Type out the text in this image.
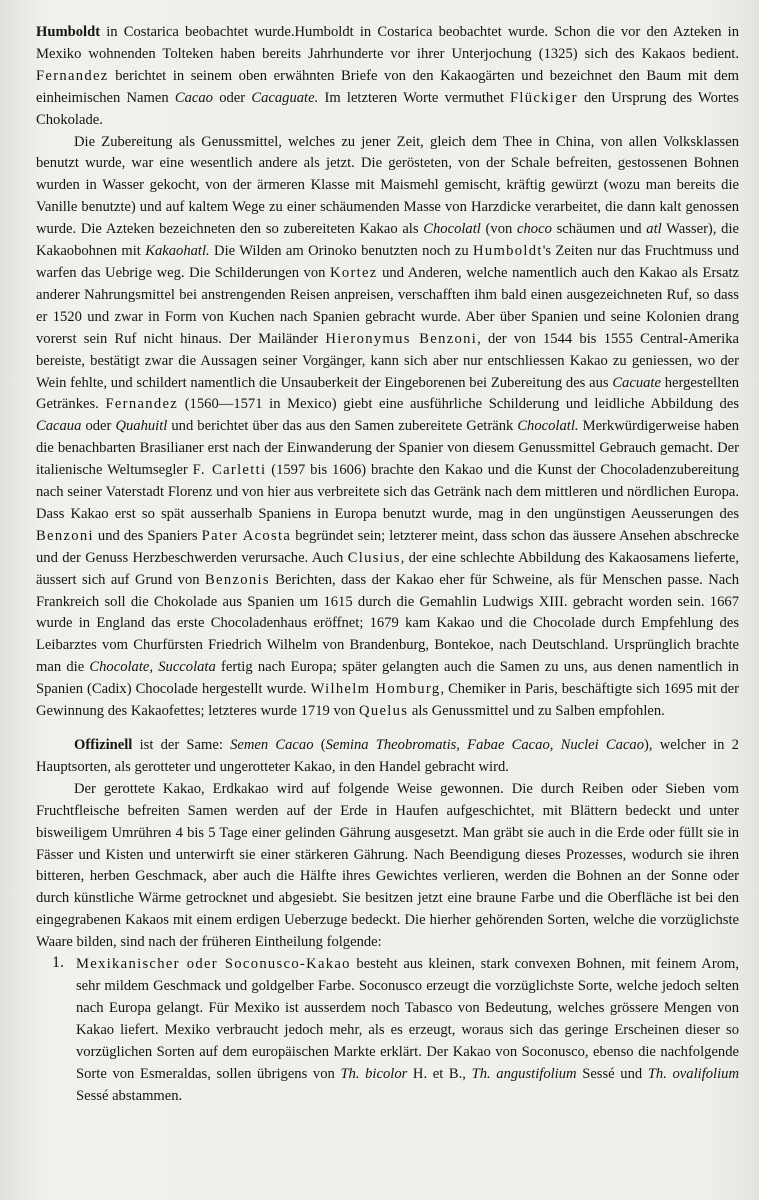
Humboldt in Costarica beobachtet wurde.Humboldt in Costarica beobachtet wurde. Schon die vor den Azteken in Mexiko wohnenden Tolteken haben bereits Jahrhunderte vor ihrer Unterjochung (1325) sich des Kakaos bedient. Fernandez berichtet in seinem oben erwähnten Briefe von den Kakaogärten und bezeichnet den Baum mit dem einheimischen Namen Cacao oder Cacaguate. Im letzteren Worte vermuthet Flückiger den Ursprung des Wortes Chokolade.

Die Zubereitung als Genussmittel, welches zu jener Zeit, gleich dem Thee in China, von allen Volksklassen benutzt wurde, war eine wesentlich andere als jetzt. Die gerösteten, von der Schale befreiten, gestossenen Bohnen wurden in Wasser gekocht, von der ärmeren Klasse mit Maismehl gemischt, kräftig gewürzt (wozu man bereits die Vanille benutzte) und auf kaltem Wege zu einer schäumenden Masse von Harzdicke verarbeitet, die dann kalt genossen wurde. Die Azteken bezeichneten den so zubereiteten Kakao als Chocolatl (von choco schäumen und atl Wasser), die Kakaobohnen mit Kakaohatl. Die Wilden am Orinoko benutzten noch zu Humboldt's Zeiten nur das Fruchtmuss und warfen das Uebrige weg. Die Schilderungen von Kortez und Anderen, welche namentlich auch den Kakao als Ersatz anderer Nahrungsmittel bei anstrengenden Reisen anpreisen, verschafften ihm bald einen ausgezeichneten Ruf, so dass er 1520 und zwar in Form von Kuchen nach Spanien gebracht wurde. Aber über Spanien und seine Kolonien drang vorerst sein Ruf nicht hinaus. Der Mailänder Hieronymus Benzoni, der von 1544 bis 1555 Central-Amerika bereiste, bestätigt zwar die Aussagen seiner Vorgänger, kann sich aber nur entschliessen Kakao zu geniessen, wo der Wein fehlte, und schildert namentlich die Unsauberkeit der Eingeborenen bei Zubereitung des aus Cacuate hergestellten Getränkes. Fernandez (1560—1571 in Mexico) giebt eine ausführliche Schilderung und leidliche Abbildung des Cacaua oder Quahuitl und berichtet über das aus den Samen zubereitete Getränk Chocolatl. Merkwürdigerweise haben die benachbarten Brasilianer erst nach der Einwanderung der Spanier von diesem Genussmittel Gebrauch gemacht. Der italienische Weltumsegler F. Carletti (1597 bis 1606) brachte den Kakao und die Kunst der Chocoladenzubereitung nach seiner Vaterstadt Florenz und von hier aus verbreitete sich das Getränk nach dem mittleren und nördlichen Europa. Dass Kakao erst so spät ausserhalb Spaniens in Europa benutzt wurde, mag in den ungünstigen Aeusserungen des Benzoni und des Spaniers Pater Acosta begründet sein; letzterer meint, dass schon das äussere Ansehen abschrecke und der Genuss Herzbeschwerden verursache. Auch Clusius, der eine schlechte Abbildung des Kakaosamens lieferte, äussert sich auf Grund von Benzonis Berichten, dass der Kakao eher für Schweine, als für Menschen passe. Nach Frankreich soll die Chokolade aus Spanien um 1615 durch die Gemahlin Ludwigs XIII. gebracht worden sein. 1667 wurde in England das erste Chocoladenhaus eröffnet; 1679 kam Kakao und die Chocolade durch Empfehlung des Leibarztes vom Churfürsten Friedrich Wilhelm von Brandenburg, Bontekoe, nach Deutschland. Ursprünglich brachte man die Chocolate, Succolata fertig nach Europa; später gelangten auch die Samen zu uns, aus denen namentlich in Spanien (Cadix) Chocolade hergestellt wurde. Wilhelm Homburg, Chemiker in Paris, beschäftigte sich 1695 mit der Gewinnung des Kakaofettes; letzteres wurde 1719 von Quelus als Genussmittel und zu Salben empfohlen.

Offizinell ist der Same: Semen Cacao (Semina Theobromatis, Fabae Cacao, Nuclei Cacao), welcher in 2 Hauptsorten, als gerotteter und ungerotteter Kakao, in den Handel gebracht wird.

Der gerottete Kakao, Erdkakao wird auf folgende Weise gewonnen. Die durch Reiben oder Sieben vom Fruchtfleische befreiten Samen werden auf der Erde in Haufen aufgeschichtet, mit Blättern bedeckt und unter bisweiligem Umrühren 4 bis 5 Tage einer gelinden Gährung ausgesetzt. Man gräbt sie auch in die Erde oder füllt sie in Fässer und Kisten und unterwirft sie einer stärkeren Gährung. Nach Beendigung dieses Prozesses, wodurch sie ihren bitteren, herben Geschmack, aber auch die Hälfte ihres Gewichtes verlieren, werden die Bohnen an der Sonne oder durch künstliche Wärme getrocknet und abgesiebt. Sie besitzen jetzt eine braune Farbe und die Oberfläche ist bei den eingegrabenen Kakaos mit einem erdigen Ueberzuge bedeckt. Die hierher gehörenden Sorten, welche die vorzüglichste Waare bilden, sind nach der früheren Eintheilung folgende:

1. Mexikanischer oder Soconusco-Kakao besteht aus kleinen, stark convexen Bohnen, mit feinem Arom, sehr mildem Geschmack und goldgelber Farbe. Soconusco erzeugt die vorzüglichste Sorte, welche jedoch selten nach Europa gelangt. Für Mexiko ist ausserdem noch Tabasco von Bedeutung, welches grössere Mengen von Kakao liefert. Mexiko verbraucht jedoch mehr, als es erzeugt, woraus sich das geringe Erscheinen dieser so vorzüglichen Sorten auf dem europäischen Markte erklärt. Der Kakao von Soconusco, ebenso die nachfolgende Sorte von Esmeraldas, sollen übrigens von Th. bicolor H. et B., Th. angustifolium Sessé und Th. ovalifolium Sessé abstammen.
